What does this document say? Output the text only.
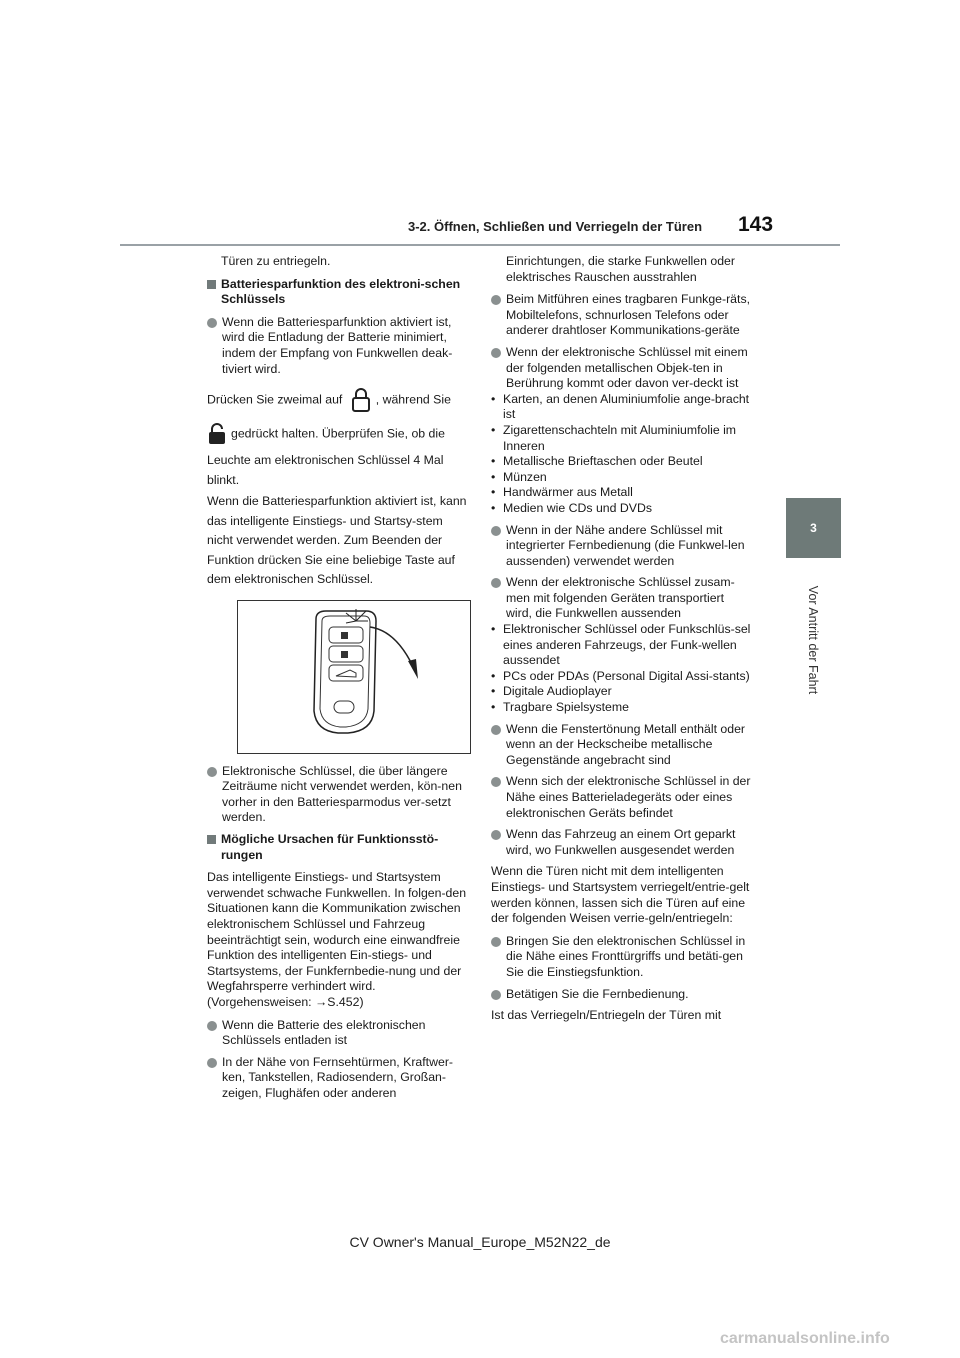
3-2. Öffnen, Schließen und Verriegeln der Türen 143
3
Vor Antritt der Fahrt

Türen zu entriegeln.

Batteriesparfunktion des elektroni-schen Schlüssels

Wenn die Batteriesparfunktion aktiviert ist, wird die Entladung der Batterie minimiert, indem der Empfang von Funkwellen deak-tiviert wird.

Drücken Sie zweimal auf	, während Sie

gedrückt halten. Überprüfen Sie, ob die

Leuchte am elektronischen Schlüssel 4 Mal blinkt.

Wenn die Batteriesparfunktion aktiviert ist, kann das intelligente Einstiegs- und Startsy-stem nicht verwendet werden. Zum Beenden der Funktion drücken Sie eine beliebige Taste auf dem elektronischen Schlüssel.

Elektronische Schlüssel, die über längere Zeiträume nicht verwendet werden, kön-nen vorher in den Batteriesparmodus ver-setzt werden.

Mögliche Ursachen für Funktionsstö-rungen

Das intelligente Einstiegs- und Startsystem verwendet schwache Funkwellen. In folgen-den Situationen kann die Kommunikation zwischen elektronischem Schlüssel und Fahrzeug beeinträchtigt sein, wodurch eine einwandfreie Funktion des intelligenten Ein-stiegs- und Startsystems, der Funkfernbedie-nung und der Wegfahrsperre verhindert wird. (Vorgehensweisen: →S.452)

Wenn die Batterie des elektronischen Schlüssels entladen ist

In der Nähe von Fernsehtürmen, Kraftwer-ken, Tankstellen, Radiosendern, Großan-zeigen, Flughäfen oder anderen

Einrichtungen, die starke Funkwellen oder elektrisches Rauschen ausstrahlen

Beim Mitführen eines tragbaren Funkge-räts, Mobiltelefons, schnurlosen Telefons oder anderer drahtloser Kommunikations-geräte

Wenn der elektronische Schlüssel mit einem der folgenden metallischen Objek-ten in Berührung kommt oder davon ver-deckt ist

• Karten, an denen Aluminiumfolie ange-bracht ist

• Zigarettenschachteln mit Aluminiumfolie im Inneren

• Metallische Brieftaschen oder Beutel

• Münzen

• Handwärmer aus Metall

• Medien wie CDs und DVDs

Wenn in der Nähe andere Schlüssel mit integrierter Fernbedienung (die Funkwel-len aussenden) verwendet werden

Wenn der elektronische Schlüssel zusam-men mit folgenden Geräten transportiert wird, die Funkwellen aussenden

• Elektronischer Schlüssel oder Funkschlüs-sel eines anderen Fahrzeugs, der Funk-wellen aussendet

• PCs oder PDAs (Personal Digital Assi-stants)

• Digitale Audioplayer

• Tragbare Spielsysteme

Wenn die Fenstertönung Metall enthält oder wenn an der Heckscheibe metallische Gegenstände angebracht sind

Wenn sich der elektronische Schlüssel in der Nähe eines Batterieladegeräts oder eines elektronischen Geräts befindet

Wenn das Fahrzeug an einem Ort geparkt wird, wo Funkwellen ausgesendet werden

Wenn die Türen nicht mit dem intelligenten Einstiegs- und Startsystem verriegelt/entrie-gelt werden können, lassen sich die Türen auf eine der folgenden Weisen verrie-geln/entriegeln:

Bringen Sie den elektronischen Schlüssel in die Nähe eines Fronttürgriffs und betäti-gen Sie die Einstiegsfunktion.

Betätigen Sie die Fernbedienung.

Ist das Verriegeln/Entriegeln der Türen mit

CV Owner's Manual_Europe_M52N22_de
carmanualsonline.info
